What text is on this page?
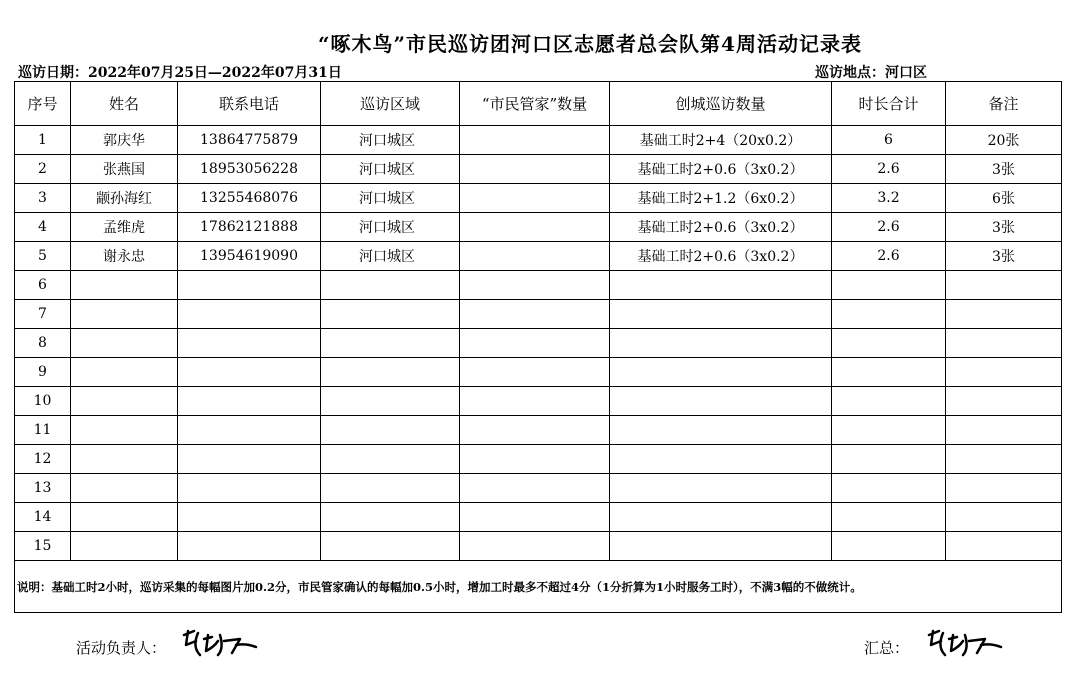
“啄木鸟”市民巡访团河口区志愿者总会队第4周活动记录表
巡访日期：2022年07月25日—2022年07月31日	巡访地点：河口区
序号	姓名	联系电话	巡访区域	“市民管家”数量	创城巡访数量	时长合计	备注
1	郭庆华	13864775879	河口城区		基础工时2+4（20x0.2）	6	20张
2	张燕国	18953056228	河口城区		基础工时2+0.6（3x0.2）	2.6	3张
3	颛孙海红	13255468076	河口城区		基础工时2+1.2（6x0.2）	3.2	6张
4	孟维虎	17862121888	河口城区		基础工时2+0.6（3x0.2）	2.6	3张
5	谢永忠	13954619090	河口城区		基础工时2+0.6（3x0.2）	2.6	3张
6							
7							
8							
9							
10							
11							
12							
13							
14							
15							
说明：基础工时2小时，巡访采集的每幅图片加0.2分，市民管家确认的每幅加0.5小时，增加工时最多不超过4分（1分折算为1小时服务工时），不满3幅的不做统计。							
活动负责人：	汇总：
